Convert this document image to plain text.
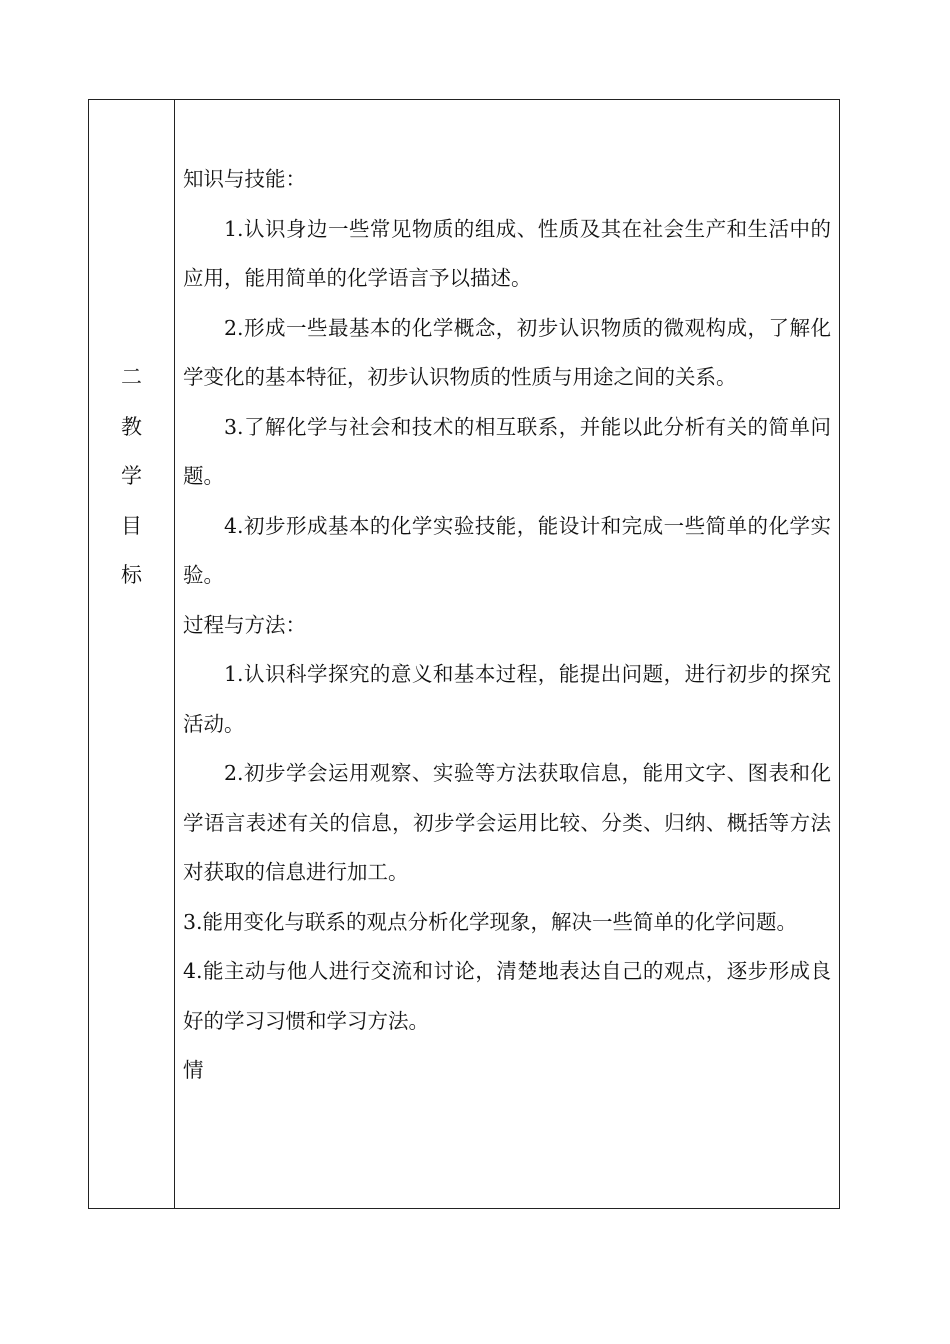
二
教
学
目
标

知识与技能：

1.认识身边一些常见物质的组成、性质及其在社会生产和生活中的应用，能用简单的化学语言予以描述。

2.形成一些最基本的化学概念，初步认识物质的微观构成，了解化学变化的基本特征，初步认识物质的性质与用途之间的关系。

3.了解化学与社会和技术的相互联系，并能以此分析有关的简单问题。

4.初步形成基本的化学实验技能，能设计和完成一些简单的化学实验。

过程与方法：

1.认识科学探究的意义和基本过程，能提出问题，进行初步的探究活动。

2.初步学会运用观察、实验等方法获取信息，能用文字、图表和化学语言表述有关的信息，初步学会运用比较、分类、归纳、概括等方法对获取的信息进行加工。

3.能用变化与联系的观点分析化学现象，解决一些简单的化学问题。

4.能主动与他人进行交流和讨论，清楚地表达自己的观点，逐步形成良好的学习习惯和学习方法。

情
